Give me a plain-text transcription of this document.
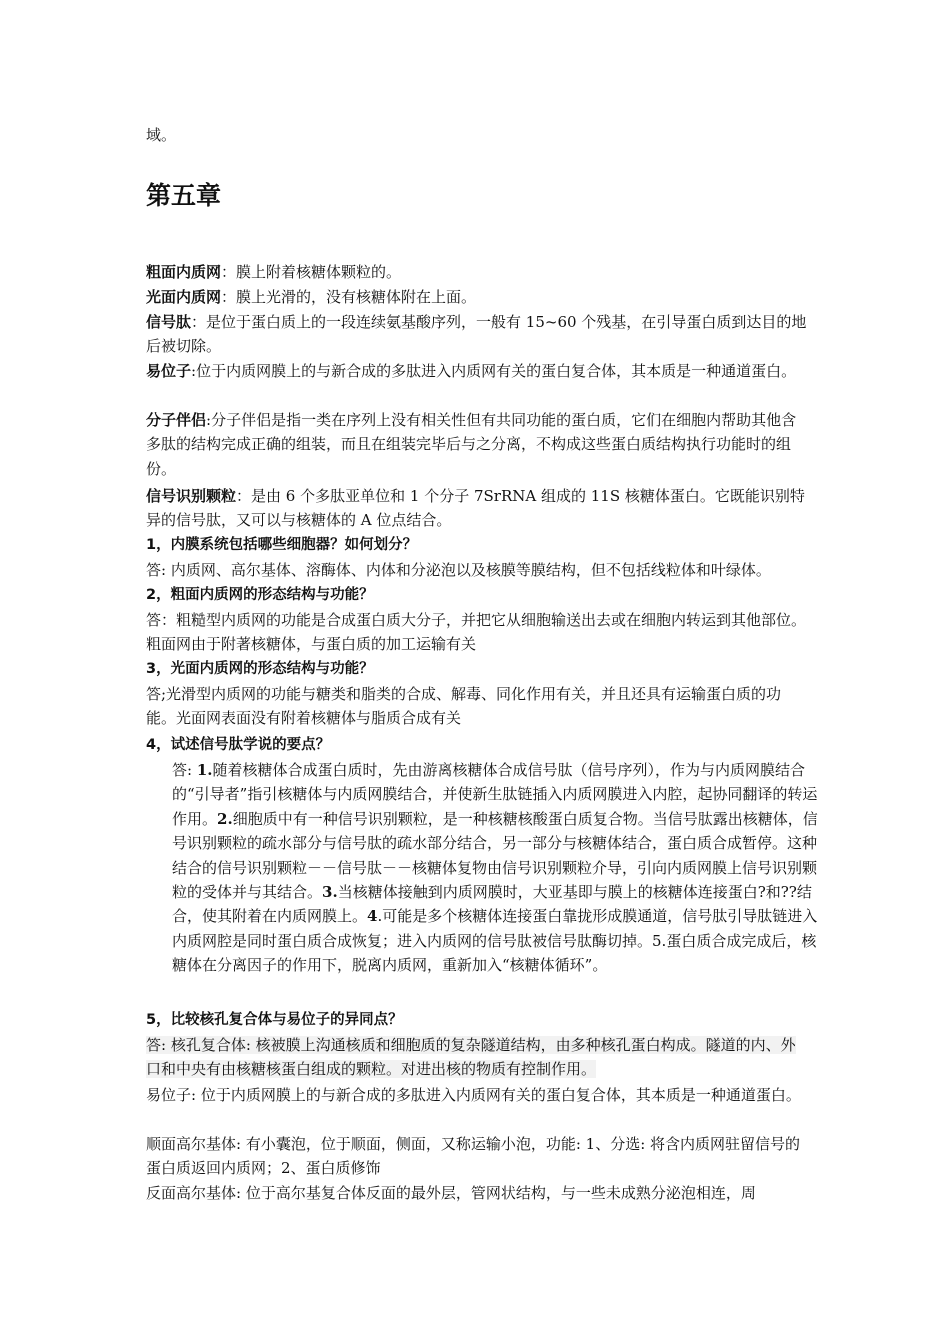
域。

第五章

粗面内质网：膜上附着核糖体颗粒的。

光面内质网：膜上光滑的，没有核糖体附在上面。

信号肽：是位于蛋白质上的一段连续氨基酸序列，一般有 15~60 个残基，在引导蛋白质到达目的地后被切除。

易位子:位于内质网膜上的与新合成的多肽进入内质网有关的蛋白复合体，其本质是一种通道蛋白。

分子伴侣:分子伴侣是指一类在序列上没有相关性但有共同功能的蛋白质，它们在细胞内帮助其他含多肽的结构完成正确的组装，而且在组装完毕后与之分离，不构成这些蛋白质结构执行功能时的组份。

信号识别颗粒：是由 6 个多肽亚单位和 1 个分子 7SrRNA 组成的 11S 核糖体蛋白。它既能识别特异的信号肽，又可以与核糖体的 A 位点结合。

1，内膜系统包括哪些细胞器？如何划分？

答: 内质网、高尔基体、溶酶体、内体和分泌泡以及核膜等膜结构，但不包括线粒体和叶绿体。

2，粗面内质网的形态结构与功能？

答：粗糙型内质网的功能是合成蛋白质大分子，并把它从细胞输送出去或在细胞内转运到其他部位。粗面网由于附著核糖体，与蛋白质的加工运输有关

3，光面内质网的形态结构与功能？

答;光滑型内质网的功能与糖类和脂类的合成、解毒、同化作用有关，并且还具有运输蛋白质的功能。光面网表面没有附着核糖体与脂质合成有关

4，试述信号肽学说的要点？

答: 1.随着核糖体合成蛋白质时，先由游离核糖体合成信号肽（信号序列），作为与内质网膜结合的“引导者”指引核糖体与内质网膜结合，并使新生肽链插入内质网膜进入内腔，起协同翻译的转运作用。2.细胞质中有一种信号识别颗粒，是一种核糖核酸蛋白质复合物。当信号肽露出核糖体，信号识别颗粒的疏水部分与信号肽的疏水部分结合，另一部分与核糖体结合，蛋白质合成暂停。这种结合的信号识别颗粒－－信号肽－－核糖体复物由信号识别颗粒介导，引向内质网膜上信号识别颗粒的受体并与其结合。3.当核糖体接触到内质网膜时，大亚基即与膜上的核糖体连接蛋白?和??结合，使其附着在内质网膜上。4.可能是多个核糖体连接蛋白靠拢形成膜通道，信号肽引导肽链进入内质网腔是同时蛋白质合成恢复；进入内质网的信号肽被信号肽酶切掉。5.蛋白质合成完成后，核糖体在分离因子的作用下，脱离内质网，重新加入“核糖体循环”。

5，比较核孔复合体与易位子的异同点？

答: 核孔复合体: 核被膜上沟通核质和细胞质的复杂隧道结构，由多种核孔蛋白构成。隧道的内、外口和中央有由核糖核蛋白组成的颗粒。对进出核的物质有控制作用。

易位子: 位于内质网膜上的与新合成的多肽进入内质网有关的蛋白复合体，其本质是一种通道蛋白。

顺面高尔基体: 有小囊泡，位于顺面，侧面，又称运输小泡，功能: 1、分选: 将含内质网驻留信号的蛋白质返回内质网；2、蛋白质修饰

反面高尔基体: 位于高尔基复合体反面的最外层，管网状结构，与一些未成熟分泌泡相连，周
